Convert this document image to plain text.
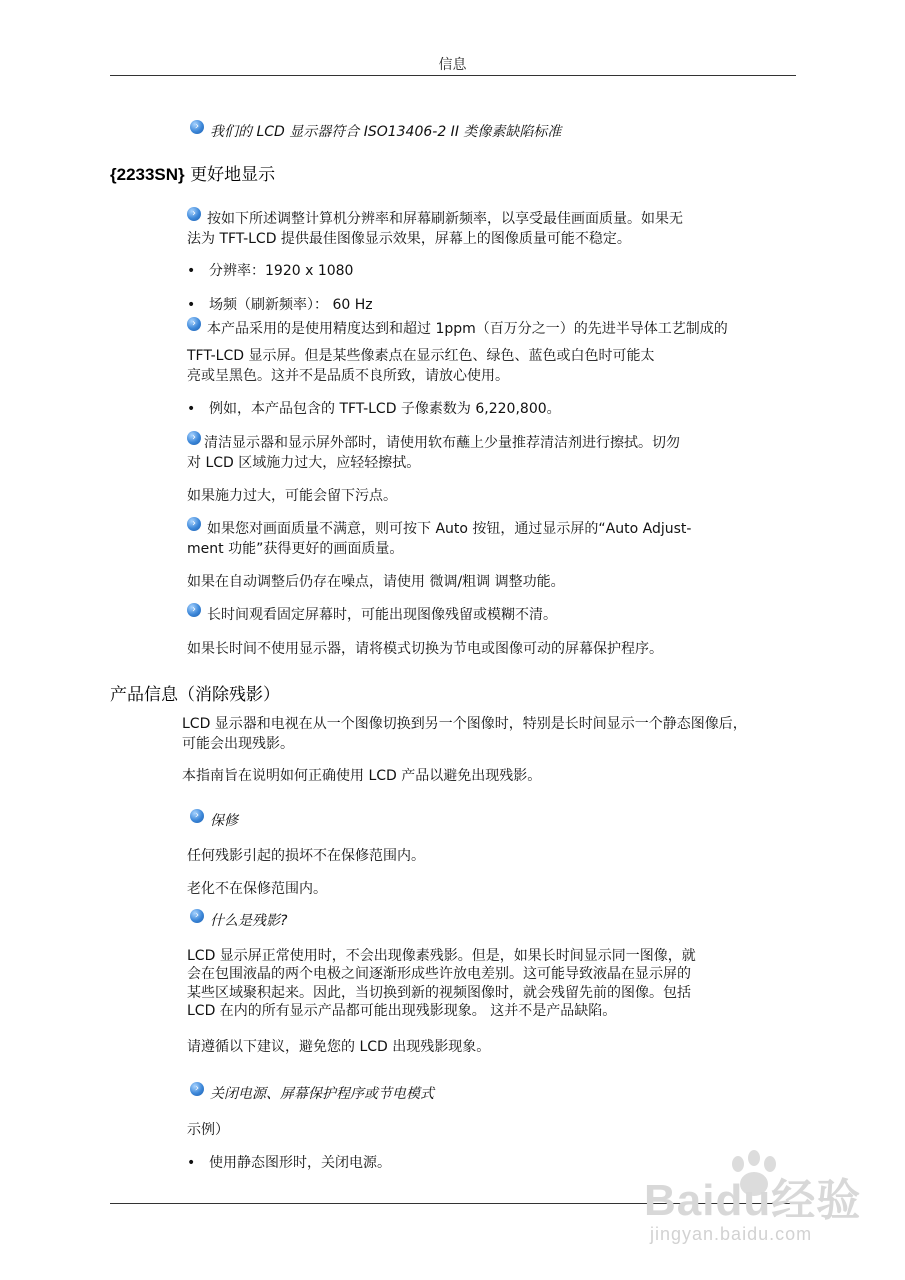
信息
› 我们的 LCD 显示器符合 ISO13406-2 II 类像素缺陷标准
{2233SN} 更好地显示
› 按如下所述调整计算机分辨率和屏幕刷新频率，以享受最佳画面质量。如果无
法为 TFT-LCD 提供最佳图像显示效果，屏幕上的图像质量可能不稳定。
• 分辨率：1920 x 1080
• 场频（刷新频率）： 60 Hz
› 本产品采用的是使用精度达到和超过 1ppm（百万分之一）的先进半导体工艺制成的
TFT-LCD 显示屏。但是某些像素点在显示红色、绿色、蓝色或白色时可能太
亮或呈黑色。这并不是品质不良所致，请放心使用。
• 例如，本产品包含的 TFT-LCD 子像素数为 6,220,800。
› 清洁显示器和显示屏外部时，请使用软布蘸上少量推荐清洁剂进行擦拭。切勿
对 LCD 区域施力过大，应轻轻擦拭。
如果施力过大，可能会留下污点。
› 如果您对画面质量不满意，则可按下 Auto 按钮，通过显示屏的“Auto Adjust-
ment 功能”获得更好的画面质量。
如果在自动调整后仍存在噪点，请使用 微调/粗调 调整功能。
› 长时间观看固定屏幕时，可能出现图像残留或模糊不清。
如果长时间不使用显示器，请将模式切换为节电或图像可动的屏幕保护程序。
产品信息（消除残影）
LCD 显示器和电视在从一个图像切换到另一个图像时，特别是长时间显示一个静态图像后，
可能会出现残影。
本指南旨在说明如何正确使用 LCD 产品以避免出现残影。
› 保修
任何残影引起的损坏不在保修范围内。
老化不在保修范围内。
› 什么是残影?
LCD 显示屏正常使用时，不会出现像素残影。但是，如果长时间显示同一图像，就
会在包围液晶的两个电极之间逐渐形成些许放电差别。这可能导致液晶在显示屏的
某些区域聚积起来。因此，当切换到新的视频图像时，就会残留先前的图像。包括
LCD 在内的所有显示产品都可能出现残影现象。 这并不是产品缺陷。
请遵循以下建议，避免您的 LCD 出现残影现象。
› 关闭电源、屏幕保护程序或节电模式
示例）
• 使用静态图形时，关闭电源。
Baidu经验
jingyan.baidu.com
